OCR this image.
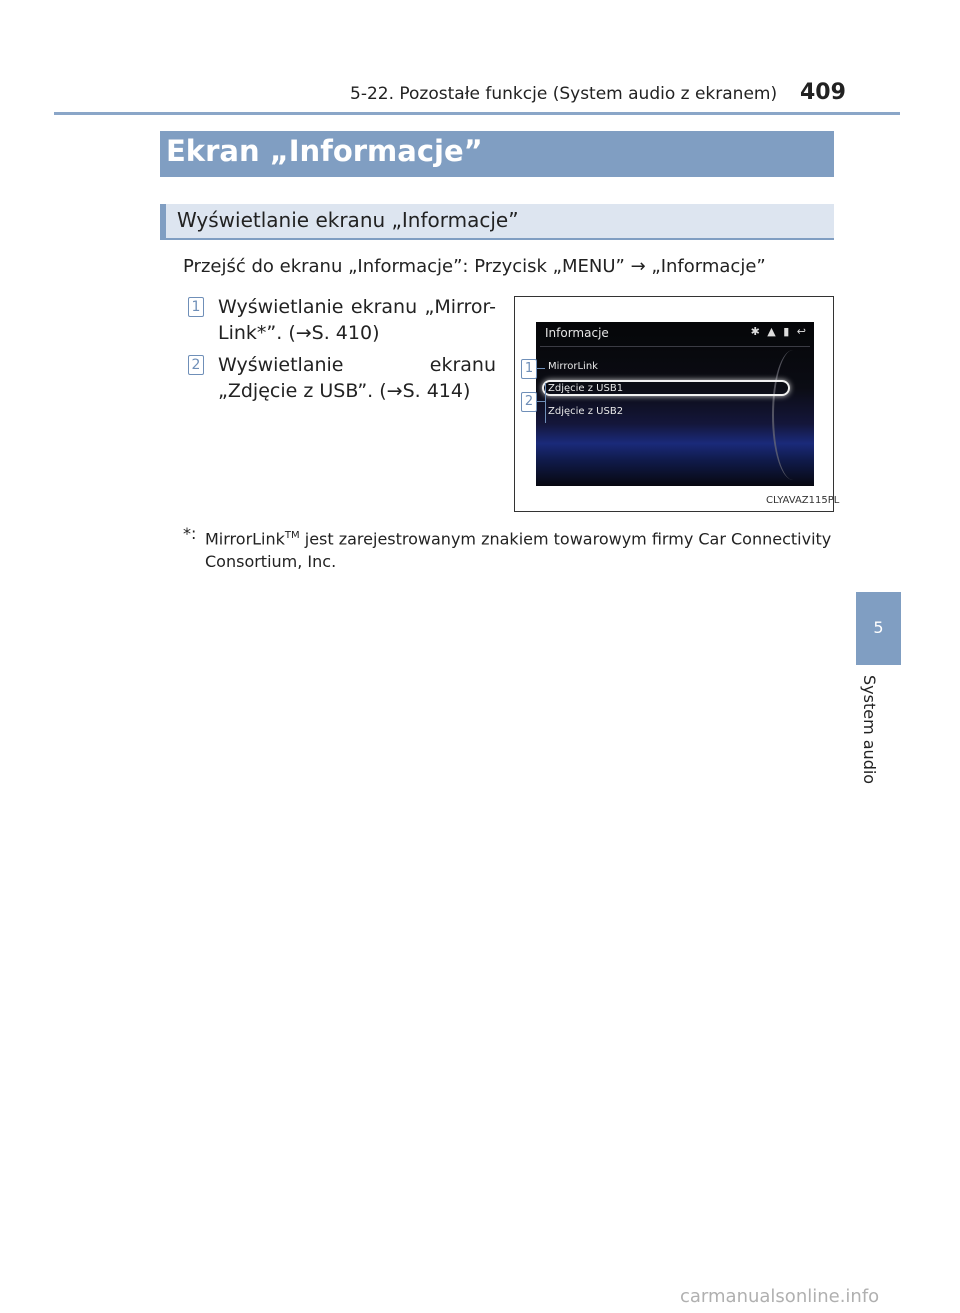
5-2‍2. Pozostałe funkcje (System audio z ekranem) 409
Ekran „Informacje”
Wyświetlanie ekranu „Informacje”
Przejść do ekranu „Informacje”: Przycisk „MENU” → „Informacje”
1 Wyświetlanie ekranu „Mirror-Link*”. (→S. 410)
2 Wyświetlanie ekranu „Zdjęcie z USB”. (→S. 414)
Informacje	✱ ▲ ▮ ↩
MirrorLink
Zdjęcie z USB1
Zdjęcie z USB2
1
2
CLYAVAZ115PL
*: MirrorLink™ jest zarejestrowanym znakiem towarowym firmy Car Connectivity Consortium, Inc.
5
System audio
carmanualsonline.info
